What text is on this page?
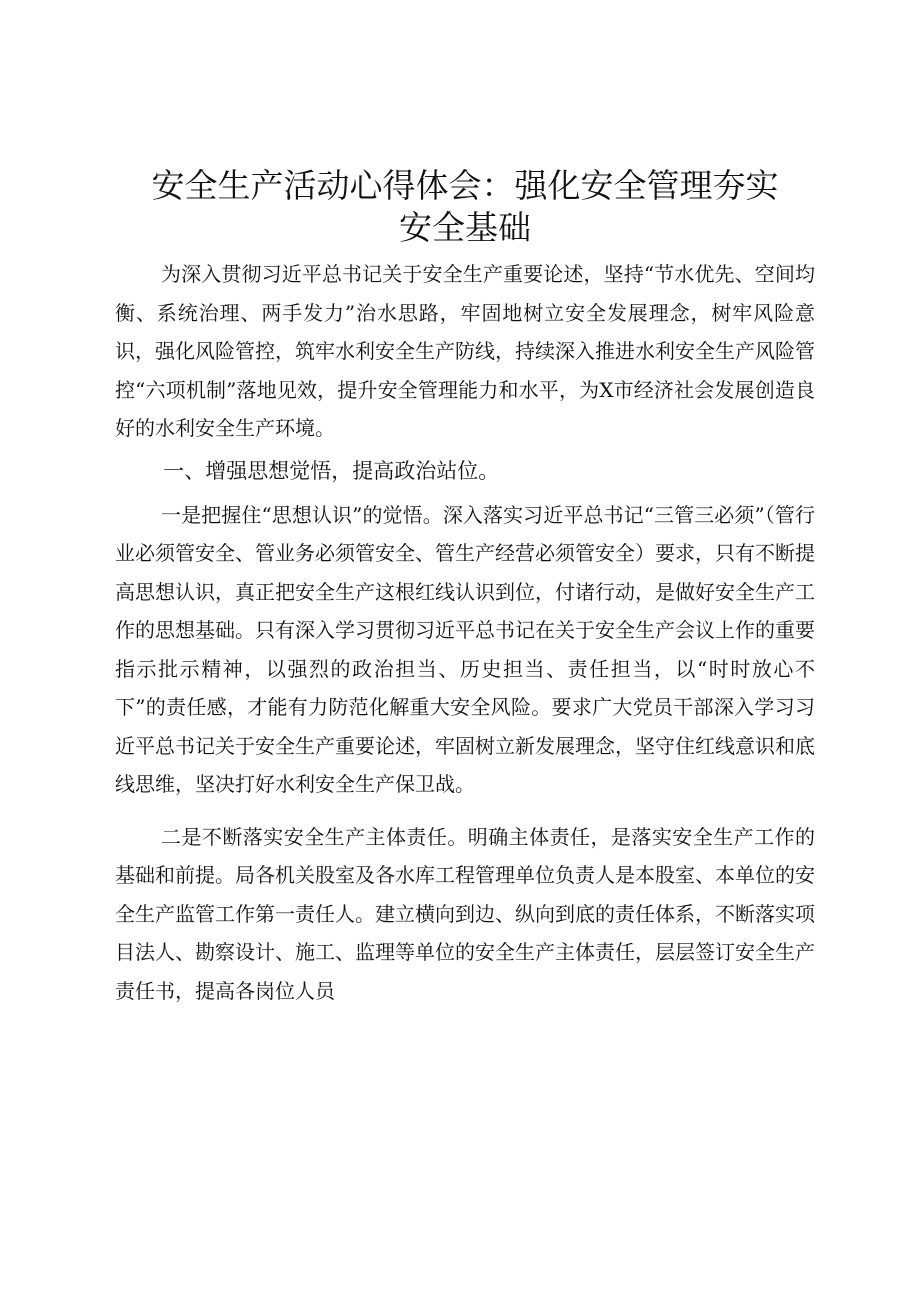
安全生产活动心得体会：强化安全管理夯实
安全基础

为深入贯彻习近平总书记关于安全生产重要论述，坚持“节水优先、空间均衡、系统治理、两手发力”治水思路，牢固地树立安全发展理念，树牢风险意识，强化风险管控，筑牢水利安全生产防线，持续深入推进水利安全生产风险管控“六项机制”落地见效，提升安全管理能力和水平，为X市经济社会发展创造良好的水利安全生产环境。

一、增强思想觉悟，提高政治站位。

一是把握住“思想认识”的觉悟。深入落实习近平总书记“三管三必须”（管行业必须管安全、管业务必须管安全、管生产经营必须管安全）要求，只有不断提高思想认识，真正把安全生产这根红线认识到位，付诸行动，是做好安全生产工作的思想基础。只有深入学习贯彻习近平总书记在关于安全生产会议上作的重要指示批示精神，以强烈的政治担当、历史担当、责任担当，以“时时放心不下”的责任感，才能有力防范化解重大安全风险。要求广大党员干部深入学习习近平总书记关于安全生产重要论述，牢固树立新发展理念，坚守住红线意识和底线思维，坚决打好水利安全生产保卫战。

二是不断落实安全生产主体责任。明确主体责任，是落实安全生产工作的基础和前提。局各机关股室及各水库工程管理单位负责人是本股室、本单位的安全生产监管工作第一责任人。建立横向到边、纵向到底的责任体系，不断落实项目法人、勘察设计、施工、监理等单位的安全生产主体责任，层层签订安全生产责任书，提高各岗位人员
